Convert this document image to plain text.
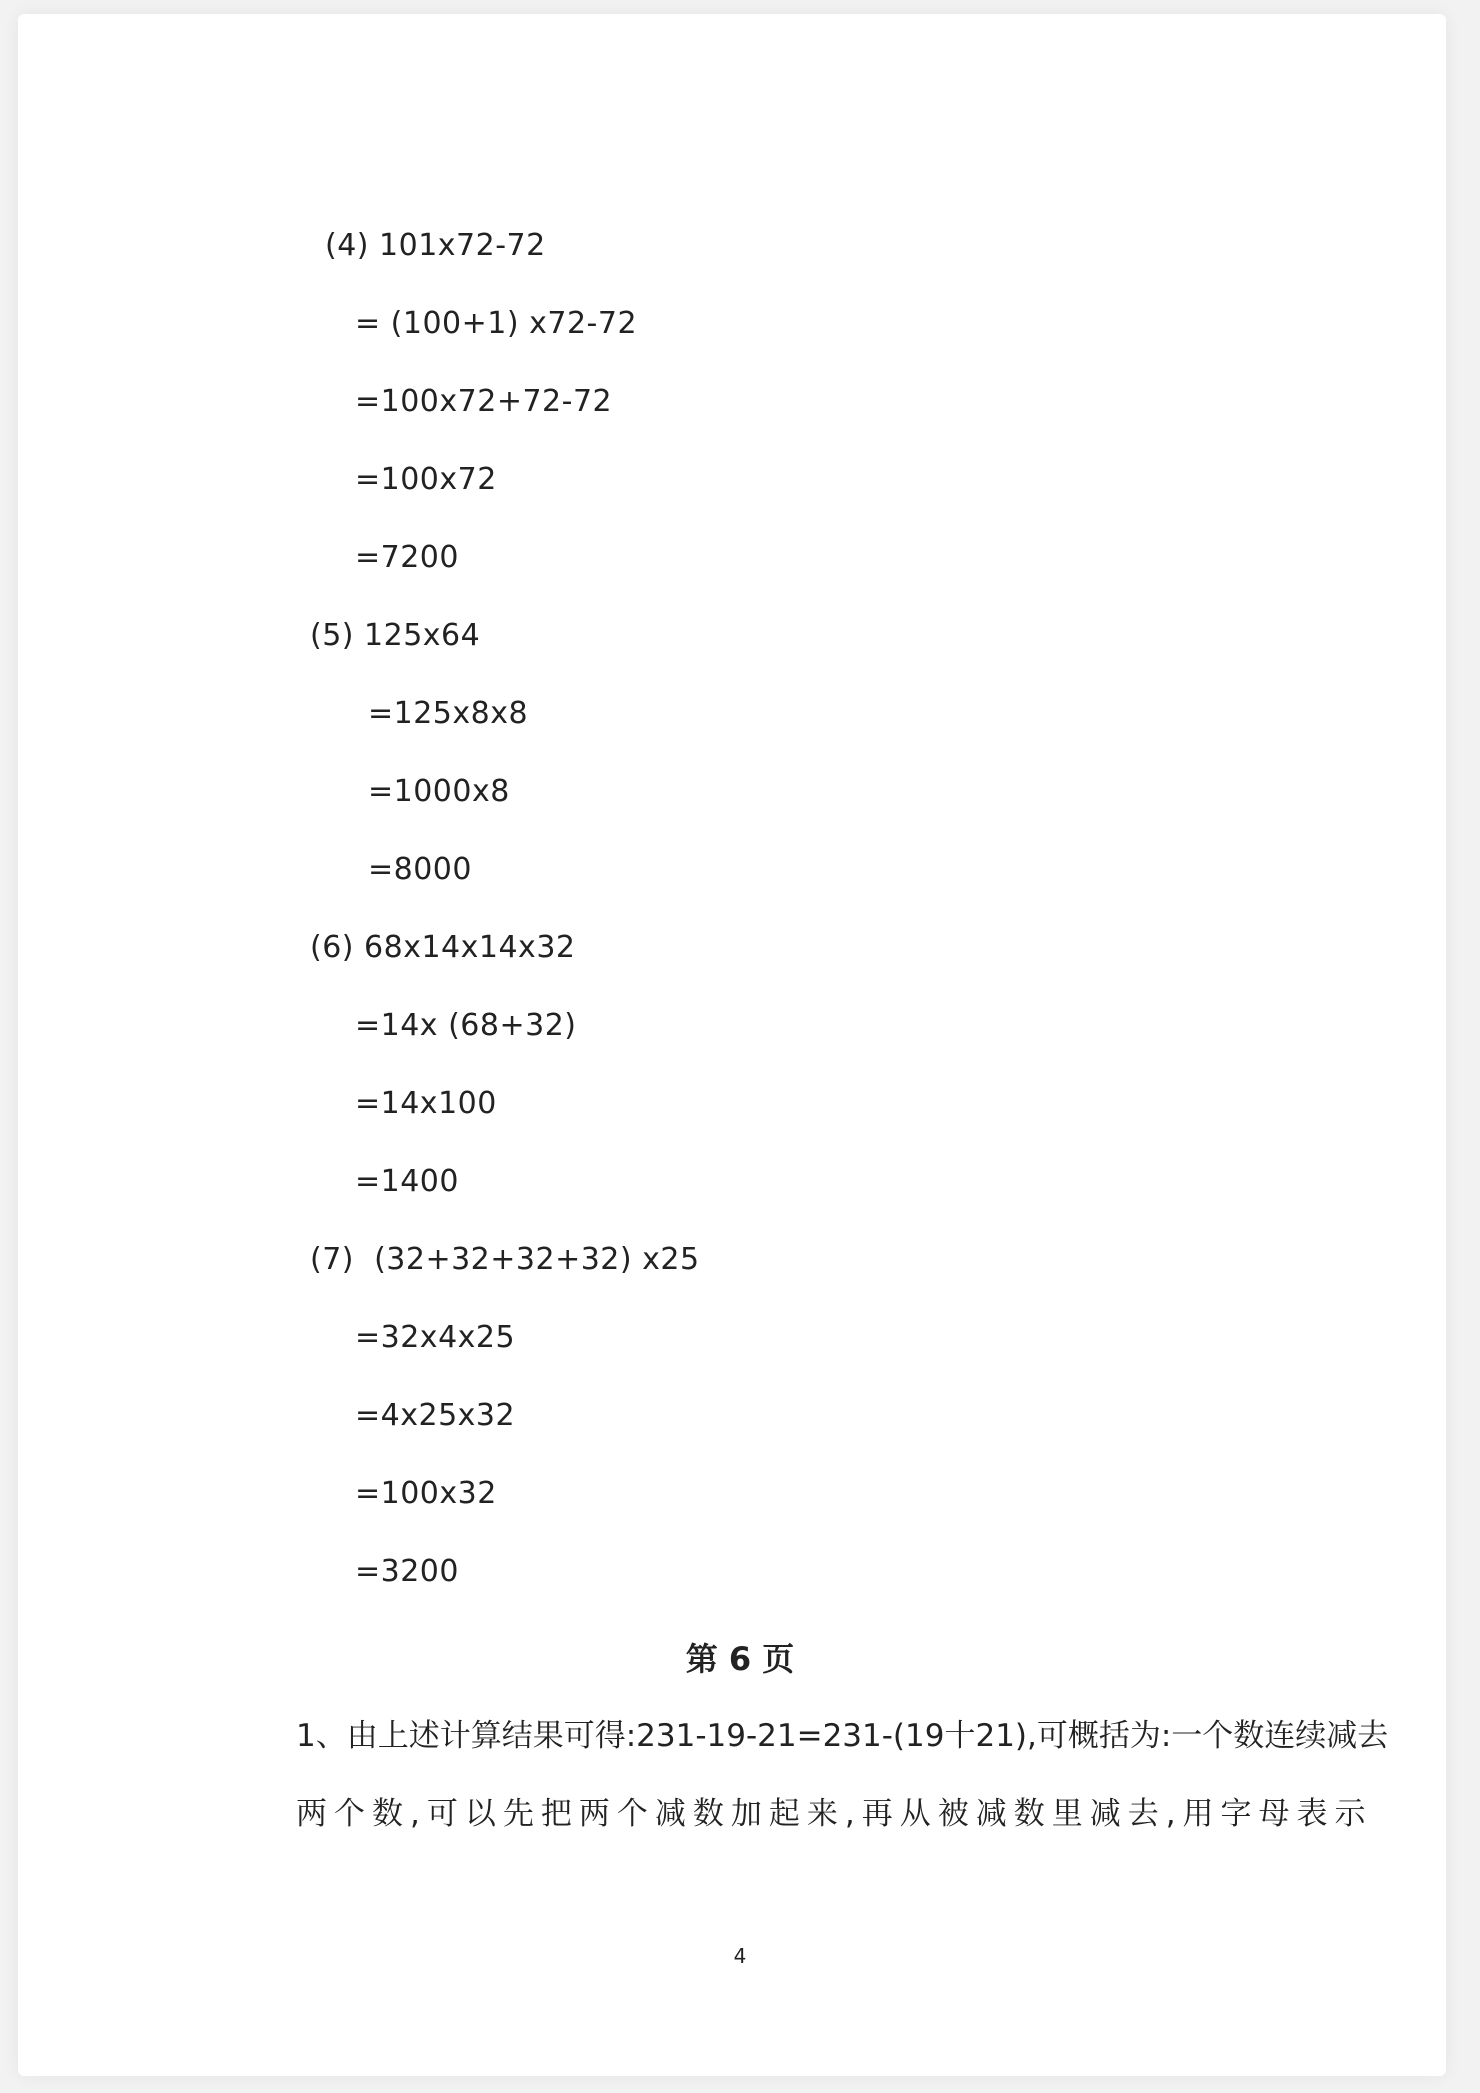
(4) 101x72-72
= (100+1) x72-72
=100x72+72-72
=100x72
=7200
(5) 125x64
=125x8x8
=1000x8
=8000
(6) 68x14x14x32
=14x (68+32)
=14x100
=1400
(7)  (32+32+32+32) x25
=32x4x25
=4x25x32
=100x32
=3200
第 6 页
1、由上述计算结果可得:231-19-21=231-(19十21),可概括为:一个数连续减去
两个数,可以先把两个减数加起来,再从被减数里减去,用字母表示
4
